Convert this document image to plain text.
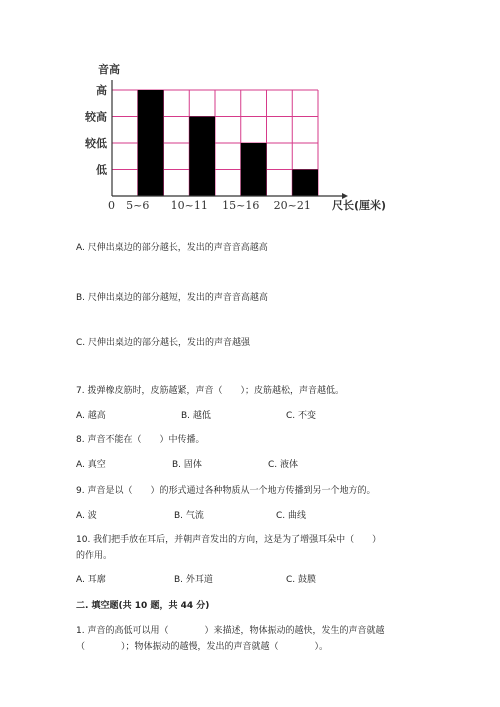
音高
低
较低
较高
高
5~6 10~11 15~16 20~21
0	尺长(厘米)
A. 尺伸出桌边的部分越长，发出的声音音高越高
B. 尺伸出桌边的部分越短，发出的声音音高越高
C. 尺伸出桌边的部分越长，发出的声音越强
7. 拨弹橡皮筋时，皮筋越紧，声音（　　）；皮筋越松，声音越低。
A. 越高	B. 越低	C. 不变
8. 声音不能在（　　）中传播。
A. 真空	B. 固体	C. 液体
9. 声音是以（　　）的形式通过各种物质从一个地方传播到另一个地方的。
A. 波	B. 气流	C. 曲线
10. 我们把手放在耳后，并朝声音发出的方向，这是为了增强耳朵中（　　）
的作用。
A. 耳廓	B. 外耳道	C. 鼓膜
二. 填空题(共 10 题，共 44 分)
1. 声音的高低可以用（　　　　）来描述，物体振动的越快，发生的声音就越
（　　　　）；物体振动的越慢，发出的声音就越（　　　　）。
